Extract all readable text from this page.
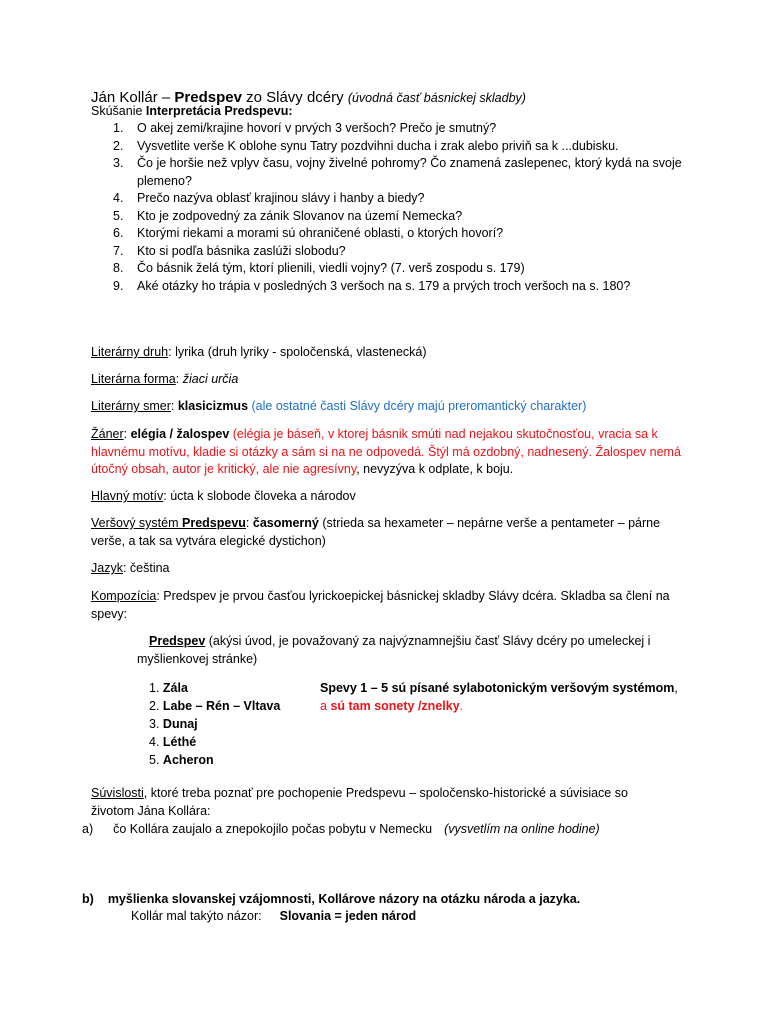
Ján Kollár – Predspev zo Slávy dcéry (úvodná časť básnickej skladby)
Skúšanie Interpretácia Predspevu:
1. O akej zemi/krajine hovorí v prvých 3 veršoch? Prečo je smutný?
2. Vysvetlite verše K oblohe synu Tatry pozdvihni ducha i zrak alebo priviň sa k ...dubisku.
3. Čo je horšie než vplyv času, vojny živelné pohromy? Čo znamená zaslepenec, ktorý kydá na svoje plemeno?
4. Prečo nazýva oblasť krajinou slávy i hanby a biedy?
5. Kto je zodpovedný za zánik Slovanov na území Nemecka?
6. Ktorými riekami a morami sú ohraničené oblasti, o ktorých hovorí?
7. Kto si podľa básnika zaslúži slobodu?
8. Čo básnik želá tým, ktorí plienili, viedli vojny? (7. verš zospodu s. 179)
9. Aké otázky ho trápia v posledných 3 veršoch na s. 179 a prvých troch veršoch na s. 180?
Literárny druh: lyrika (druh lyriky - spoločenská, vlastenecká)
Literárna forma: žiaci určia
Literárny smer: klasicizmus (ale ostatné časti Slávy dcéry majú preromantický charakter)
Žáner: elégia / žalospev (elégia je báseň, v ktorej básnik smúti nad nejakou skutočnosťou, vracia sa k hlavnému motívu, kladie si otázky a sám si na ne odpovedá. Štýl má ozdobný, nadnesený. Žalospev nemá útočný obsah, autor je kritický, ale nie agresívny, nevyzýva k odplate, k boju.
Hlavný motív: úcta k slobode človeka a národov
Veršový systém Predspevu: časomerný (strieda sa hexameter – nepárne verše a pentameter – párne verše, a tak sa vytvára elegické dystichon)
Jazyk: čeština
Kompozícia: Predspev je prvou časťou lyrickoepickej básnickej skladby Slávy dcéra. Skladba sa člení na spevy:
Predspev (akýsi úvod, je považovaný za najvýznamnejšiu časť Slávy dcéry po umeleckej i myšlienkovej stránke)
1. Zála
2. Labe – Rén – Vltava
3. Dunaj
4. Léthé
5. Acheron
Spevy 1 – 5 sú písané sylabotonickým veršovým systémom,
a sú tam sonety /znelky.
Súvislosti, ktoré treba poznať pre pochopenie Predspevu – spoločensko-historické a súvisiace so životom Jána Kollára:
a) čo Kollára zaujalo a znepokojilo počas pobytu v Nemecku (vysvetlím na online hodine)
b) myšlienka slovanskej vzájomnosti, Kollárove názory na otázku národa a jazyka.
Kollár mal takýto názor: Slovania = jeden národ
